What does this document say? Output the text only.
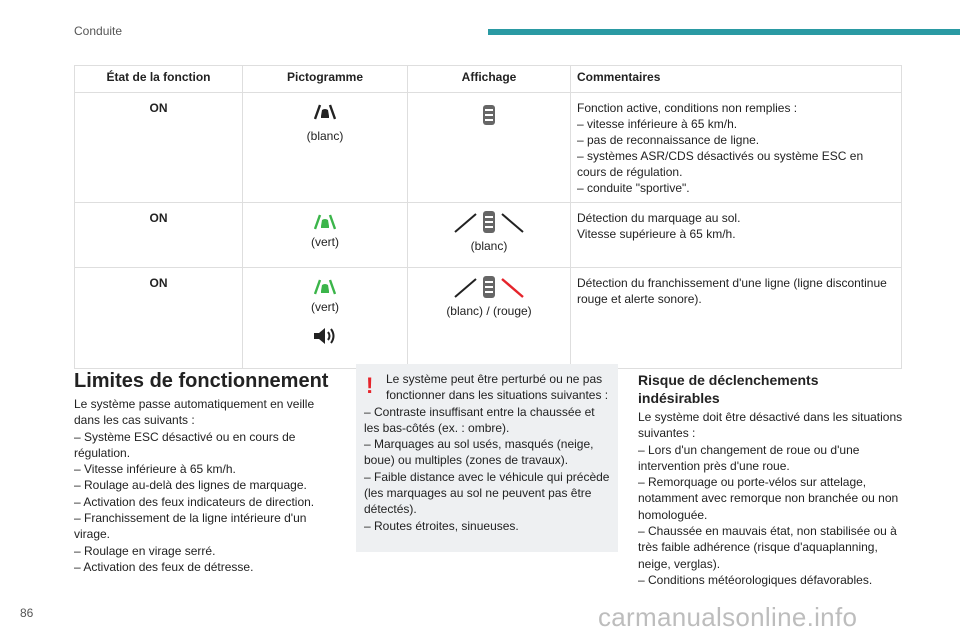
Conduite
État de la fonction	Pictogramme	Affichage	Commentaires
ON	(blanc)		Fonction active, conditions non remplies :
– vitesse inférieure à 65 km/h.
– pas de reconnaissance de ligne.
– systèmes ASR/CDS désactivés ou système ESC en cours de régulation.
– conduite "sportive".

ON	(vert)	(blanc)	Détection du marquage au sol.
Vitesse supérieure à 65 km/h.

ON	(vert)	(blanc) / (rouge)	Détection du franchissement d'une ligne (ligne discontinue rouge et alerte sonore).
Limites de fonctionnement
Le système passe automatiquement en veille dans les cas suivants :
– Système ESC désactivé ou en cours de régulation.
– Vitesse inférieure à 65 km/h.
– Roulage au-delà des lignes de marquage.
– Activation des feux indicateurs de direction.
– Franchissement de la ligne intérieure d'un virage.
– Roulage en virage serré.
– Activation des feux de détresse.
!	Le système peut être perturbé ou ne pas fonctionner dans les situations suivantes :
– Contraste insuffisant entre la chaussée et les bas-côtés (ex. : ombre).
– Marquages au sol usés, masqués (neige, boue) ou multiples (zones de travaux).
– Faible distance avec le véhicule qui précède (les marquages au sol ne peuvent pas être détectés).
– Routes étroites, sinueuses.
Risque de déclenchements indésirables
Le système doit être désactivé dans les situations suivantes :
– Lors d'un changement de roue ou d'une intervention près d'une roue.
– Remorquage ou porte-vélos sur attelage, notamment avec remorque non branchée ou non homologuée.
– Chaussée en mauvais état, non stabilisée ou à très faible adhérence (risque d'aquaplanning, neige, verglas).
– Conditions météorologiques défavorables.
86	carmanualsonline.info
